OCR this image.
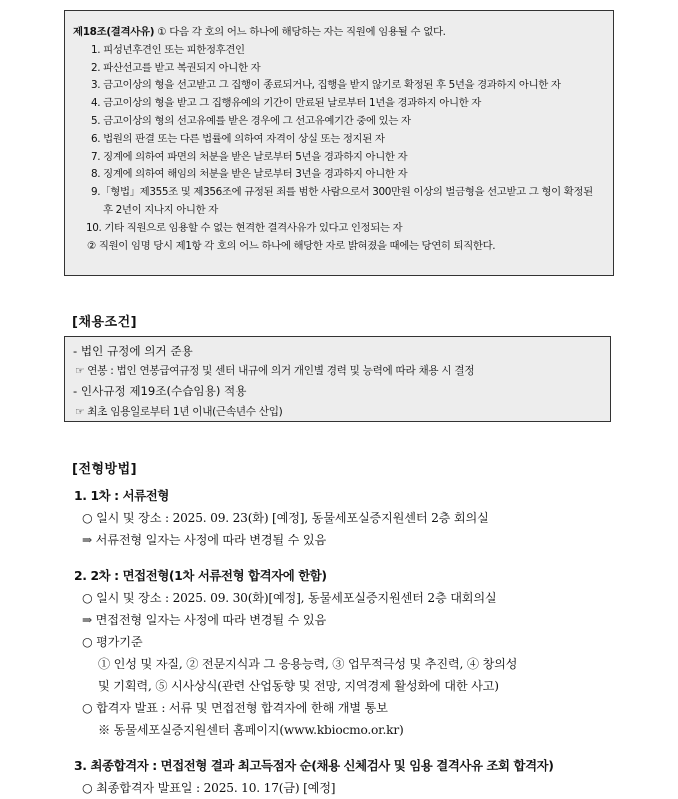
제18조(결격사유) ① 다음 각 호의 어느 하나에 해당하는 자는 직원에 임용될 수 없다.
1. 피성년후견인 또는 피한정후견인
2. 파산선고를 받고 복권되지 아니한 자
3. 금고이상의 형을 선고받고 그 집행이 종료되거나, 집행을 받지 않기로 확정된 후 5년을 경과하지 아니한 자
4. 금고이상의 형을 받고 그 집행유예의 기간이 만료된 날로부터 1년을 경과하지 아니한 자
5. 금고이상의 형의 선고유예를 받은 경우에 그 선고유예기간 중에 있는 자
6. 법원의 판결 또는 다른 법률에 의하여 자격이 상실 또는 정지된 자
7. 징계에 의하여 파면의 처분을 받은 날로부터 5년을 경과하지 아니한 자
8. 징계에 의하여 해임의 처분을 받은 날로부터 3년을 경과하지 아니한 자
9.「형법」제355조 및 제356조에 규정된 죄를 범한 사람으로서 300만원 이상의 벌금형을 선고받고 그 형이 확정된 후 2년이 지나지 아니한 자
10. 기타 직원으로 임용할 수 없는 현격한 결격사유가 있다고 인정되는 자
② 직원이 임명 당시 제1항 각 호의 어느 하나에 해당한 자로 밝혀졌을 때에는 당연히 퇴직한다.
[채용조건]
- 법인 규정에 의거 준용
☞ 연봉 : 법인 연봉급여규정 및 센터 내규에 의거 개인별 경력 및 능력에 따라 채용 시 결정
- 인사규정 제19조(수습임용) 적용
☞ 최초 임용일로부터 1년 이내(근속년수 산입)
[전형방법]
1. 1차 : 서류전형
○ 일시 및 장소 : 2025. 09. 23(화) [예정], 동물세포실증지원센터 2층 회의실
⇒ 서류전형 일자는 사정에 따라 변경될 수 있음
2. 2차 : 면접전형(1차 서류전형 합격자에 한함)
○ 일시 및 장소 : 2025. 09. 30(화)[예정], 동물세포실증지원센터 2층 대회의실
⇒ 면접전형 일자는 사정에 따라 변경될 수 있음
○ 평가기준
① 인성 및 자질, ② 전문지식과 그 응용능력, ③ 업무적극성 및 추진력, ④ 창의성
및 기획력, ⑤ 시사상식(관련 산업동향 및 전망, 지역경제 활성화에 대한 사고)
○ 합격자 발표 : 서류 및 면접전형 합격자에 한해 개별 통보
※ 동물세포실증지원센터 홈페이지(www.kbiocmo.or.kr)
3. 최종합격자 : 면접전형 결과 최고득점자 순(채용 신체검사 및 임용 결격사유 조회 합격자)
○ 최종합격자 발표일 : 2025. 10. 17(금) [예정]
